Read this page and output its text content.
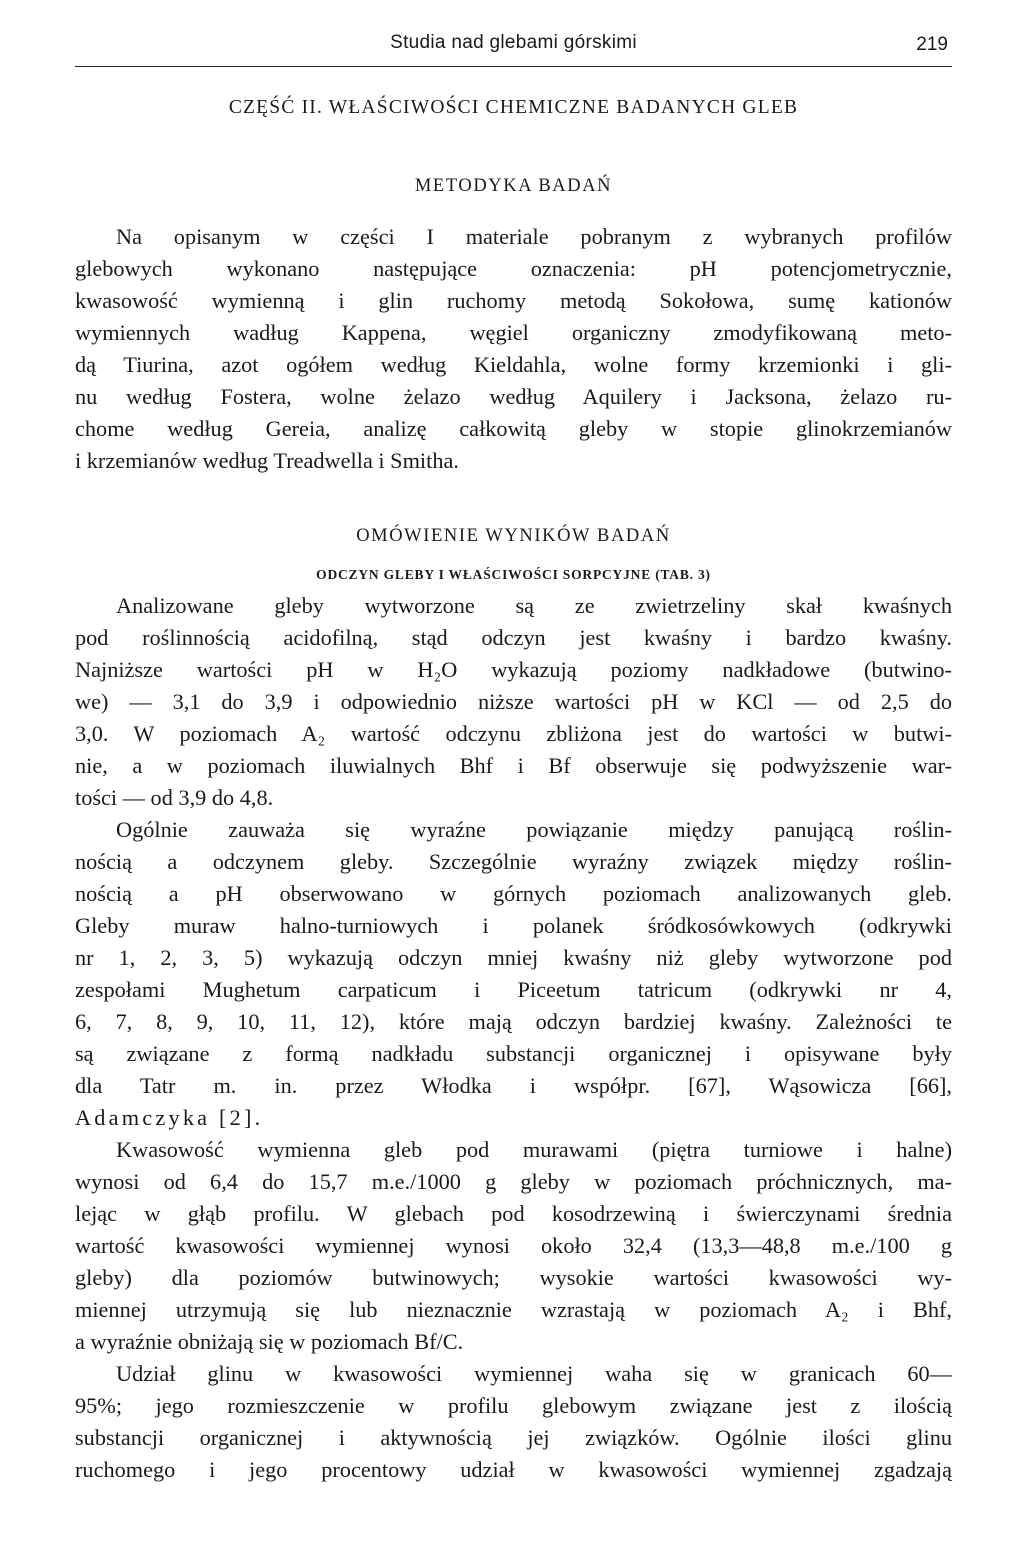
Studia nad glebami górskimi	219
CZĘŚĆ II. WŁAŚCIWOŚCI CHEMICZNE BADANYCH GLEB
METODYKA BADAŃ
Na opisanym w części I materiale pobranym z wybranych profilów
glebowych wykonano następujące oznaczenia: pH potencjometrycznie,
kwasowość wymienną i glin ruchomy metodą Sokołowa, sumę kationów
wymiennych wadług Kappena, węgiel organiczny zmodyfikowaną meto-
dą Tiurina, azot ogółem według Kieldahla, wolne formy krzemionki i gli-
nu według Fostera, wolne żelazo według Aquilery i Jacksona, żelazo ru-
chome według Gereia, analizę całkowitą gleby w stopie glinokrzemianów
i krzemianów według Treadwella i Smitha.
OMÓWIENIE WYNIKÓW BADAŃ
ODCZYN GLEBY I WŁAŚCIWOŚCI SORPCYJNE (TAB. 3)
Analizowane gleby wytworzone są ze zwietrzeliny skał kwaśnych
pod roślinnością acidofilną, stąd odczyn jest kwaśny i bardzo kwaśny.
Najniższe wartości pH w H₂O wykazują poziomy nadkładowe (butwino-
we) — 3,1 do 3,9 i odpowiednio niższe wartości pH w KCl — od 2,5 do
3,0. W poziomach A₂ wartość odczynu zbliżona jest do wartości w butwi-
nie, a w poziomach iluwialnych Bhf i Bf obserwuje się podwyższenie war-
tości — od 3,9 do 4,8.
Ogólnie zauważa się wyraźne powiązanie między panującą roślin-
nością a odczynem gleby. Szczególnie wyraźny związek między roślin-
nością a pH obserwowano w górnych poziomach analizowanych gleb.
Gleby muraw halno-turniowych i polanek śródkosówkowych (odkrywki
nr 1, 2, 3, 5) wykazują odczyn mniej kwaśny niż gleby wytworzone pod
zespołami Mughetum carpaticum i Piceetum tatricum (odkrywki nr 4,
6, 7, 8, 9, 10, 11, 12), które mają odczyn bardziej kwaśny. Zależności te
są związane z formą nadkładu substancji organicznej i opisywane były
dla Tatr m. in. przez Włodka i współpr. [67], Wąsowicza [66],
Adamczyka [2].
Kwasowość wymienna gleb pod murawami (piętra turniowe i halne)
wynosi od 6,4 do 15,7 m.e./1000 g gleby w poziomach próchnicznych, ma-
lejąc w głąb profilu. W glebach pod kosodrzewiną i świerczynami średnia
wartość kwasowości wymiennej wynosi około 32,4 (13,3—48,8 m.e./100 g
gleby) dla poziomów butwinowych; wysokie wartości kwasowości wy-
miennej utrzymują się lub nieznacznie wzrastają w poziomach A₂ i Bhf,
a wyraźnie obniżają się w poziomach Bf/C.
Udział glinu w kwasowości wymiennej waha się w granicach 60—
95%; jego rozmieszczenie w profilu glebowym związane jest z ilością
substancji organicznej i aktywnością jej związków. Ogólnie ilości glinu
ruchomego i jego procentowy udział w kwasowości wymiennej zgadzają
